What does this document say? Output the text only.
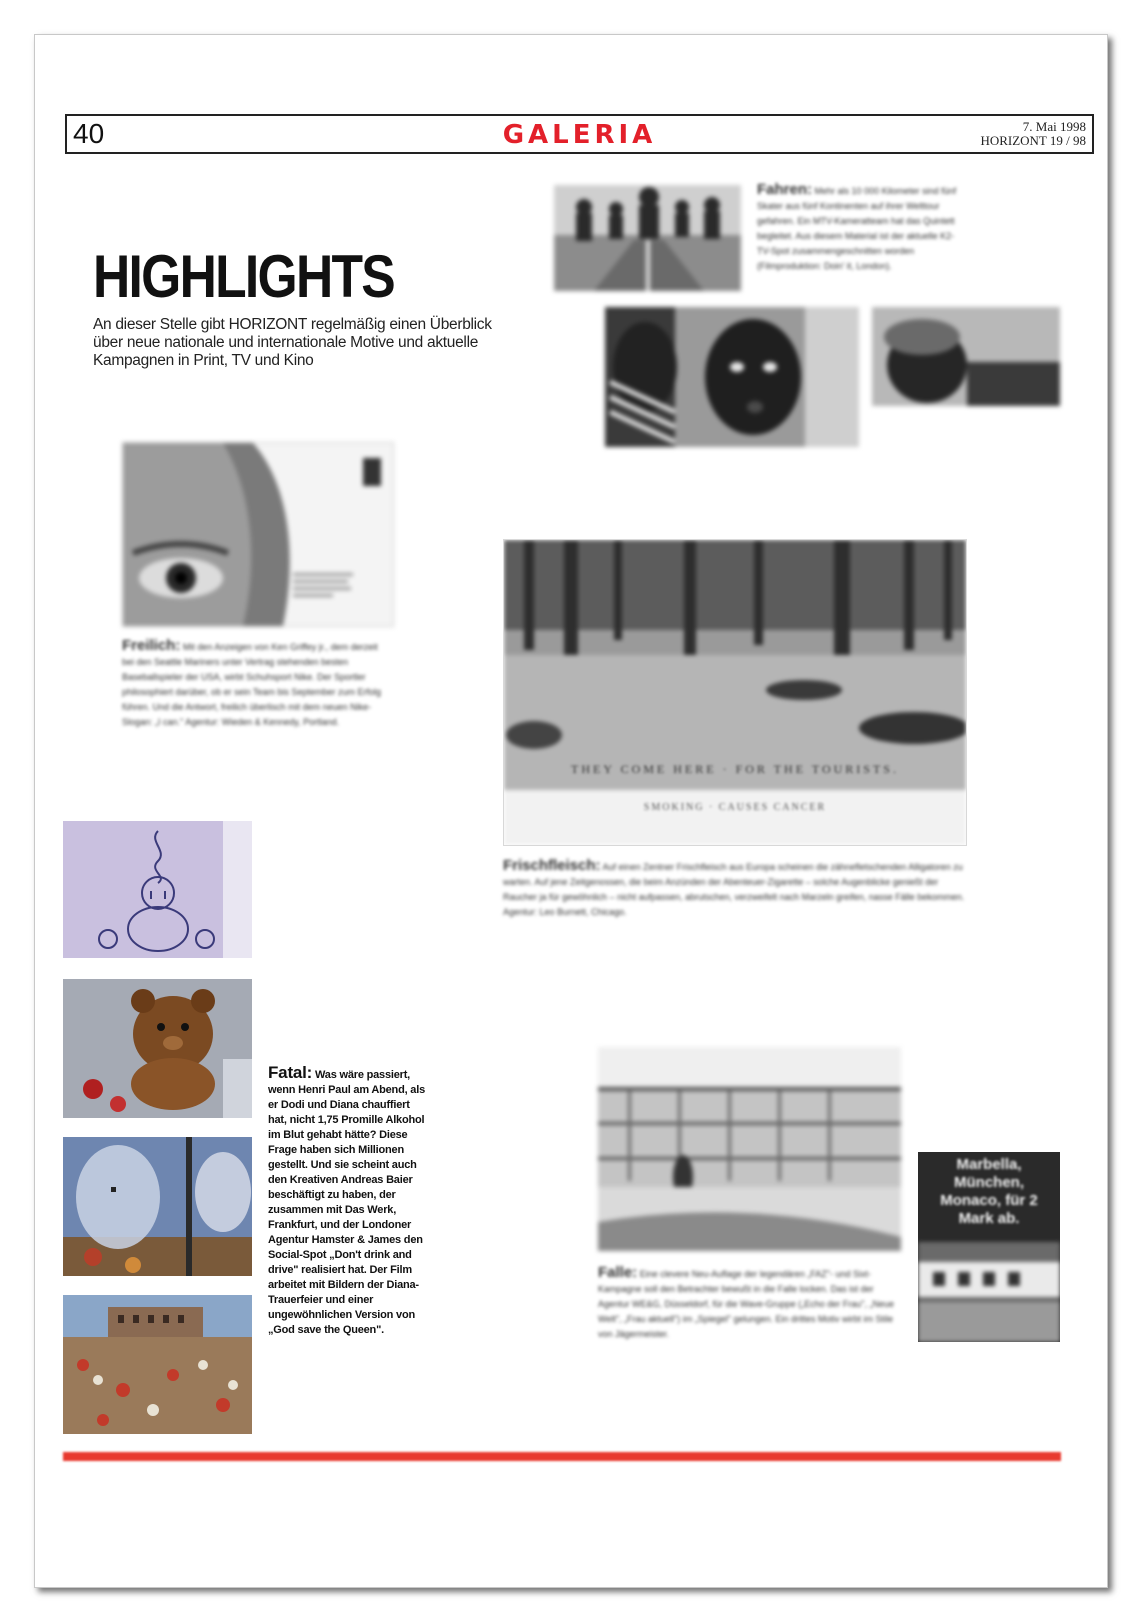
40	GALERIA	7. Mai 1998
HORIZONT 19 / 98
HIGHLIGHTS
An dieser Stelle gibt HORIZONT regelmäßig einen Überblick über neue nationale und internationale Motive und aktuelle Kampagnen in Print, TV und Kino
Fahren: Mehr als 10 000 Kilometer sind fünf Skater aus fünf Kontinenten auf ihrer Welttour gefahren. Ein MTV-Kameratteam hat das Quintett begleitet. Aus diesem Material ist der aktuelle K2-TV-Spot zusammengeschnitten worden (Filmproduktion: Doin' it, London).
Freilich: Mit den Anzeigen von Ken Griffey jr., dem derzeit bei den Seattle Mariners unter Vertrag stehenden besten Baseballspieler der USA, wirbt Schuhsport Nike. Der Sportler philosophiert darüber, ob er sein Team bis September zum Erfolg führen. Und die Antwort, freilich überlisch mit dem neuen Nike-Slogan: „I can." Agentur: Wieden & Kennedy, Portland.
THEY COME HERE · FOR THE TOURISTS.
SMOKING · CAUSES CANCER
Frischfleisch: Auf einen Zentner Frischfleisch aus Europa scheinen die zähnefletschenden Alligatoren zu warten. Auf jene Zeitgenossen, die beim Anzünden der Abenteuer-Zigarette – solche Augenblicke genießt der Raucher ja für gewöhnlich – nicht aufpassen, abrutschen, verzweifelt nach Marzeln greifen, nasse Fälle bekommen. Agentur: Leo Burnett, Chicago.
Fatal: Was wäre passiert, wenn Henri Paul am Abend, als er Dodi und Diana chauffiert hat, nicht 1,75 Promille Alkohol im Blut gehabt hätte? Diese Frage haben sich Millionen gestellt. Und sie scheint auch den Kreativen Andreas Baier beschäftigt zu haben, der zusammen mit Das Werk, Frankfurt, und der Londoner Agentur Hamster & James den Social-Spot „Don't drink and drive" realisiert hat. Der Film arbeitet mit Bildern der Diana-Trauerfeier und einer ungewöhnlichen Version von „God save the Queen".
Marbella, München, Monaco, für 2 Mark ab.
Falle: Eine clevere Neu-Auflage der legendären „FAZ"- und Sixt-Kampagne soll den Betrachter bewußt in die Falle locken. Das ist der Agentur WE&G, Düsseldorf, für die Wave-Gruppe („Echo der Frau", „Neue Welt", „Frau aktuell") im „Spiegel" gelungen. Ein drittes Motiv wirbt im Stile von Jägermeister.
